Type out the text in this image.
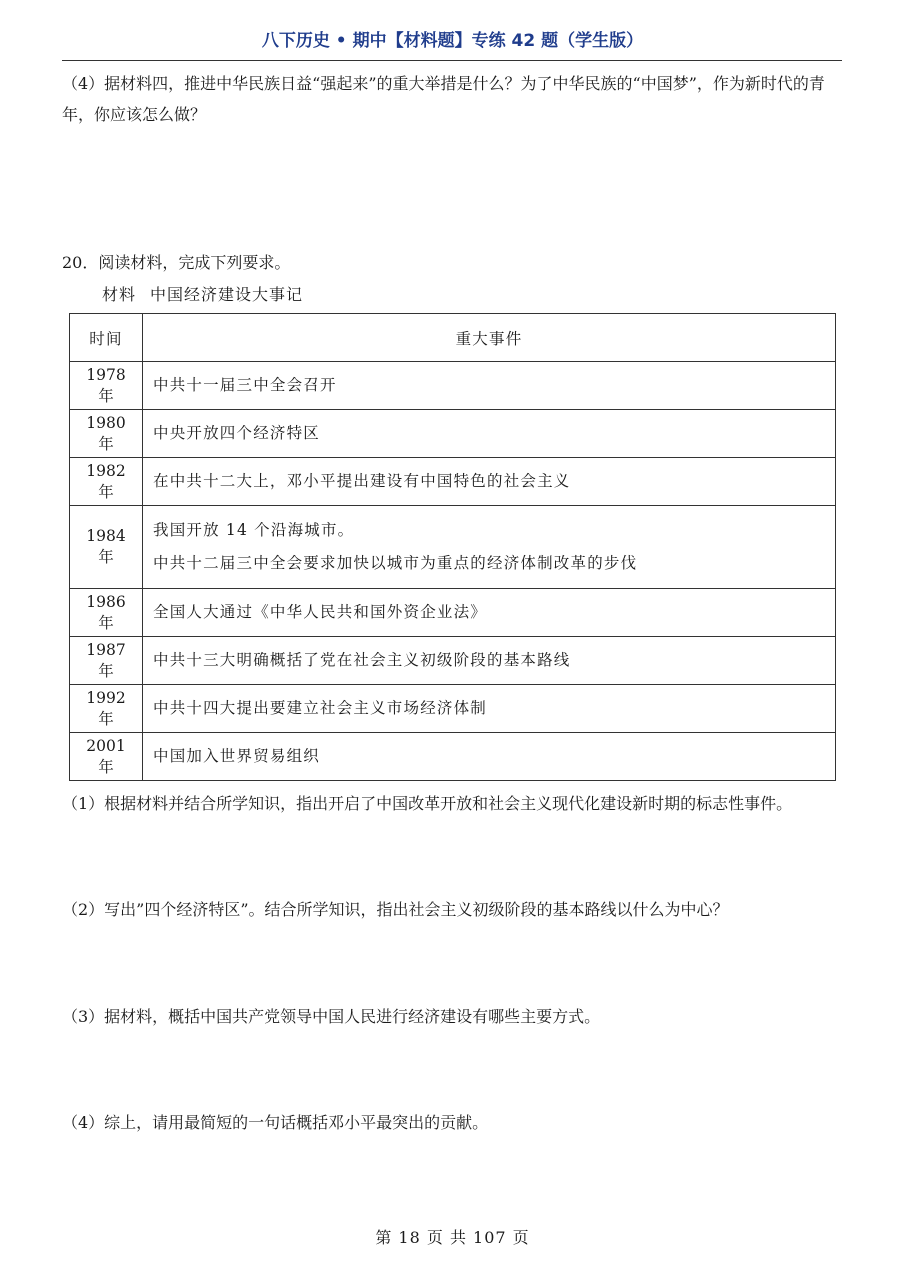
八下历史 • 期中【材料题】专练 42 题（学生版）
（4）据材料四，推进中华民族日益“强起来”的重大举措是什么？为了中华民族的“中国梦”，作为新时代的青年，你应该怎么做？
20．阅读材料，完成下列要求。
材料 中国经济建设大事记
时间	重大事件
1978 年	中共十一届三中全会召开

1980 年	中央开放四个经济特区

1982 年	在中共十二大上，邓小平提出建设有中国特色的社会主义

1984 年	我国开放 14 个沿海城市。
中共十二届三中全会要求加快以城市为重点的经济体制改革的步伐

1986 年	全国人大通过《中华人民共和国外资企业法》

1987 年	中共十三大明确概括了党在社会主义初级阶段的基本路线

1992 年	中共十四大提出要建立社会主义市场经济体制

2001 年	中国加入世界贸易组织
（1）根据材料并结合所学知识，指出开启了中国改革开放和社会主义现代化建设新时期的标志性事件。
（2）写出”四个经济特区”。结合所学知识，指出社会主义初级阶段的基本路线以什么为中心？
（3）据材料，概括中国共产党领导中国人民进行经济建设有哪些主要方式。
（4）综上，请用最简短的一句话概括邓小平最突出的贡献。
第 18 页 共 107 页
